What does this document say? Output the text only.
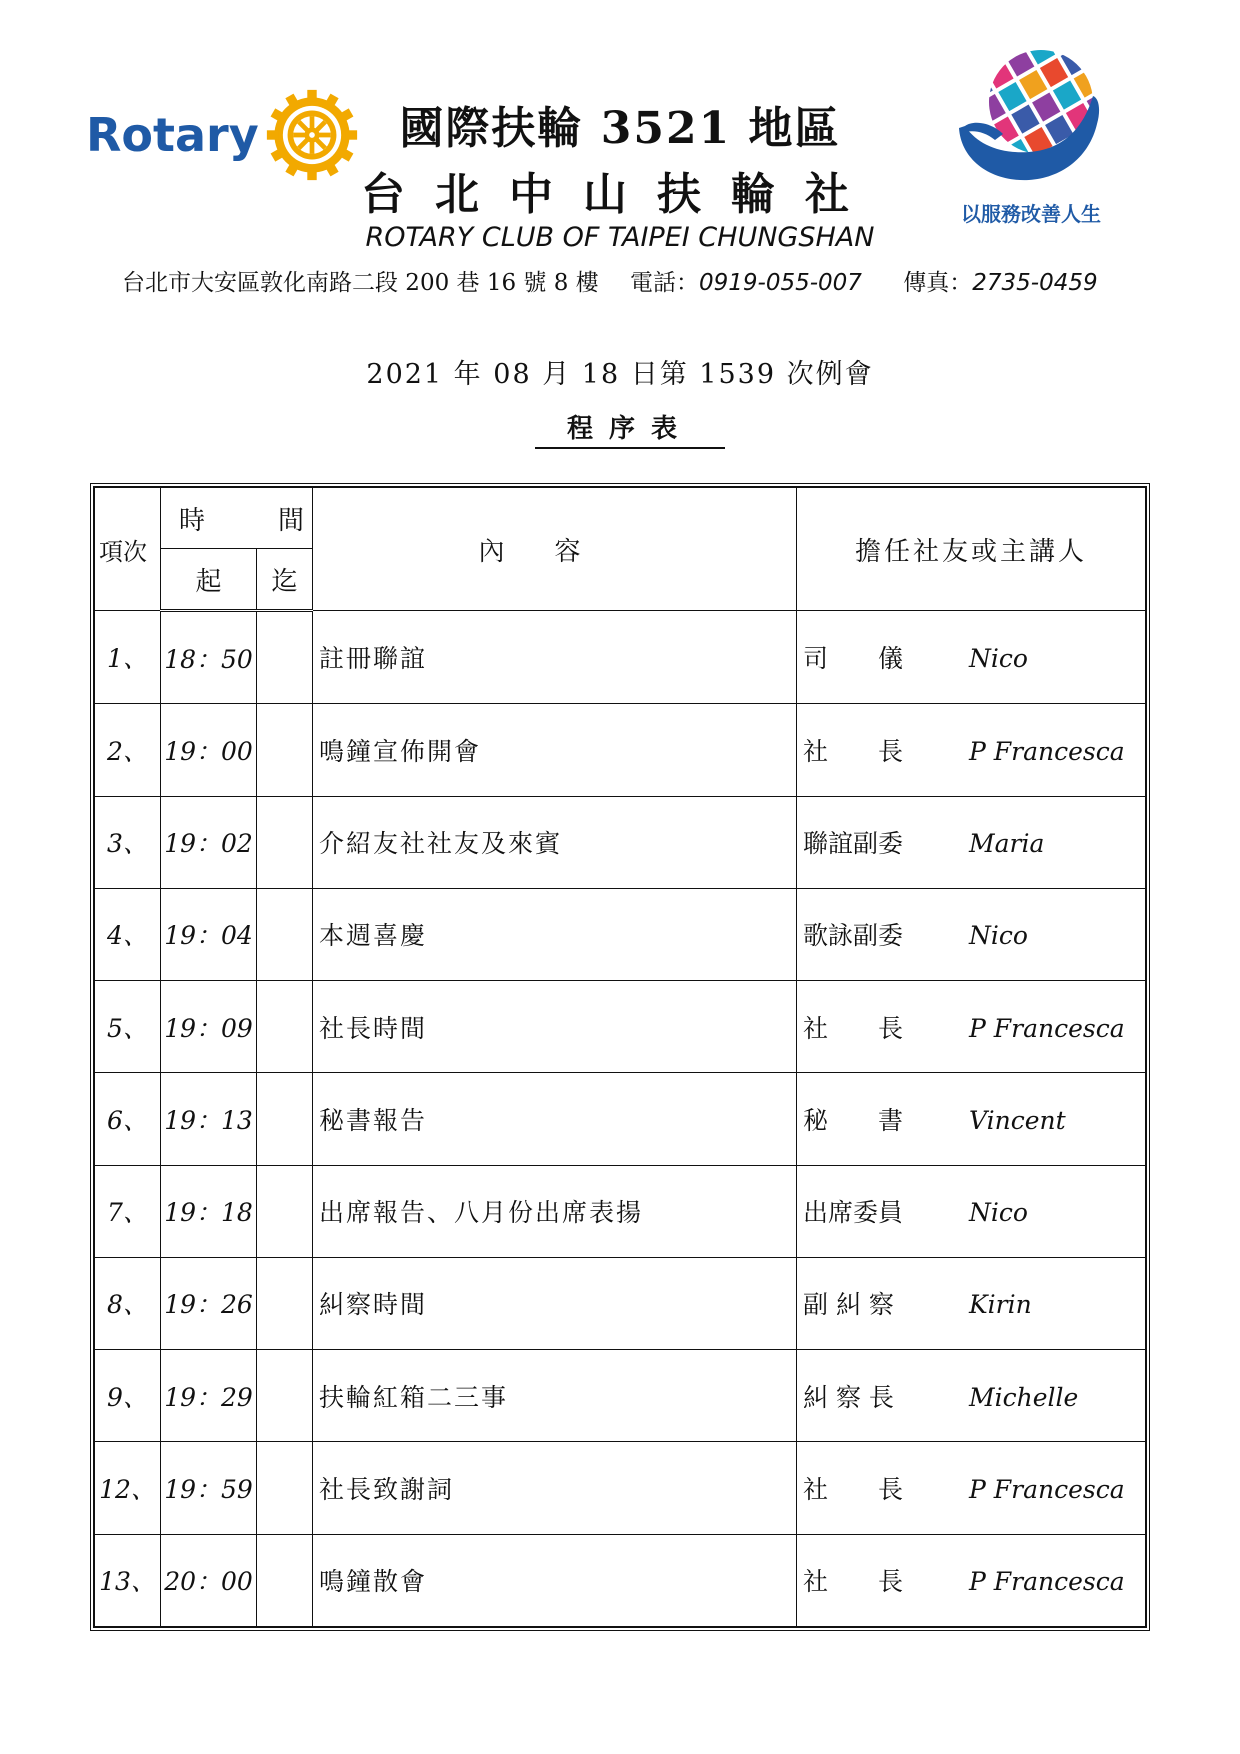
Rotary	國際扶輪 3521 地區
台北中山扶輪社
ROTARY CLUB OF TAIPEI CHUNGSHAN
台北市大安區敦化南路二段 200 巷 16 號 8 樓 電話：0919-055-007 傳真：2735-0459
以服務改善人生
2021 年 08 月 18 日第 1539 次例會
程序表
項次	時 間		內容	擔任社友或主講人
	起	迄		
1、	18：50		註冊聯誼	司　　儀 Nico
2、	19：00		鳴鐘宣佈開會	社　　長 P Francesca
3、	19：02		介紹友社社友及來賓	聯誼副委 Maria
4、	19：04		本週喜慶	歌詠副委 Nico
5、	19：09		社長時間	社　　長 P Francesca
6、	19：13		秘書報告	秘　　書 Vincent
7、	19：18		出席報告、八月份出席表揚	出席委員 Nico
8、	19：26		糾察時間	副 糾 察 Kirin
9、	19：29		扶輪紅箱二三事	糾 察 長 Michelle
12、	19：59		社長致謝詞	社　　長 P Francesca
13、	20：00		鳴鐘散會	社　　長 P Francesca
